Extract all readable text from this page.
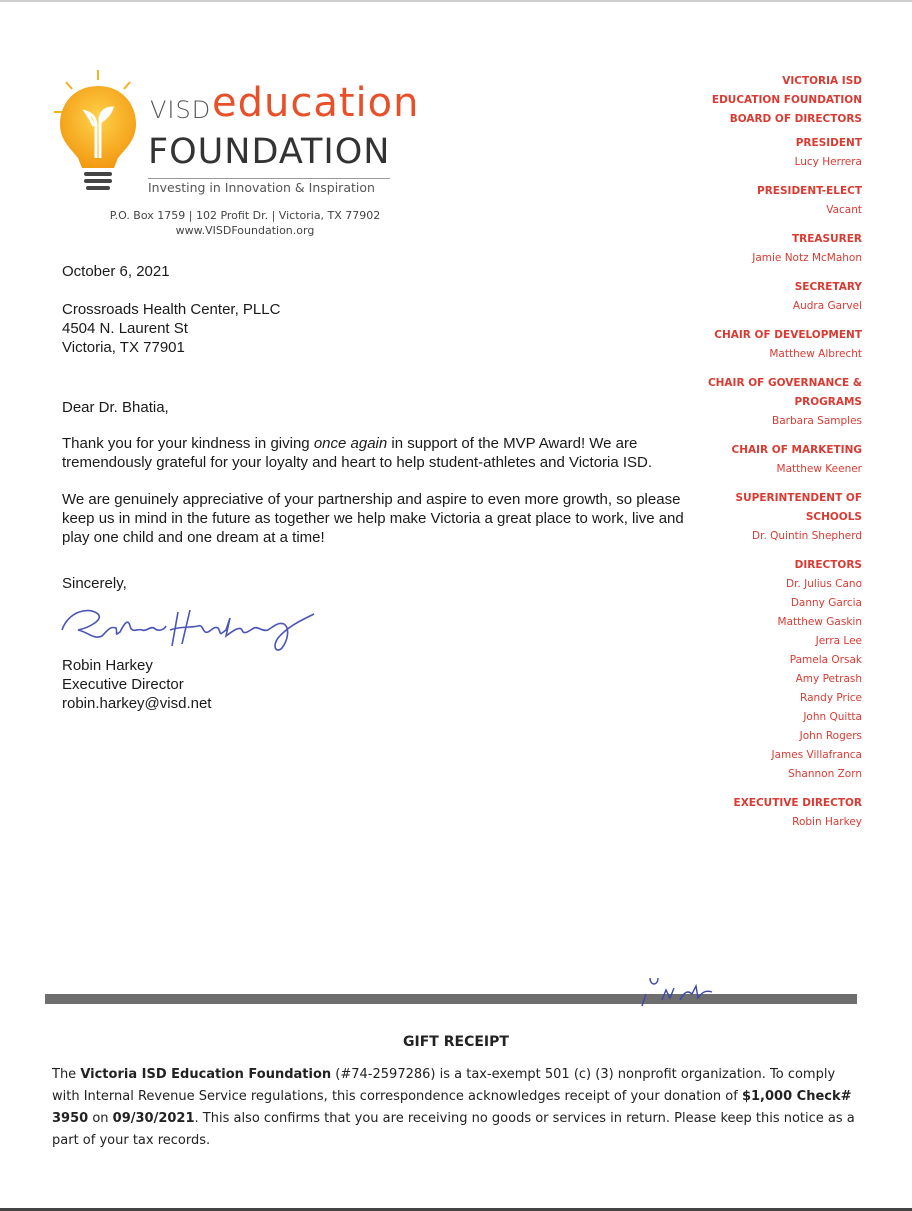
VISD education
FOUNDATION
Investing in Innovation & Inspiration
P.O. Box 1759 | 102 Profit Dr. | Victoria, TX 77902
www.VISDFoundation.org
October 6, 2021
Crossroads Health Center, PLLC
4504 N. Laurent St
Victoria, TX 77901
Dear Dr. Bhatia,
Thank you for your kindness in giving once again in support of the MVP Award! We are tremendously grateful for your loyalty and heart to help student-athletes and Victoria ISD.
We are genuinely appreciative of your partnership and aspire to even more growth, so please keep us in mind in the future as together we help make Victoria a great place to work, live and play one child and one dream at a time!
Sincerely,
Robin Harkey
Executive Director
robin.harkey@visd.net
VICTORIA ISD
EDUCATION FOUNDATION
BOARD OF DIRECTORS
PRESIDENT
Lucy Herrera
PRESIDENT-ELECT
Vacant
TREASURER
Jamie Notz McMahon
SECRETARY
Audra Garvel
CHAIR OF DEVELOPMENT
Matthew Albrecht
CHAIR OF GOVERNANCE &
PROGRAMS
Barbara Samples
CHAIR OF MARKETING
Matthew Keener
SUPERINTENDENT OF
SCHOOLS
Dr. Quintin Shepherd
DIRECTORS
Dr. Julius Cano
Danny Garcia
Matthew Gaskin
Jerra Lee
Pamela Orsak
Amy Petrash
Randy Price
John Quitta
John Rogers
James Villafranca
Shannon Zorn
EXECUTIVE DIRECTOR
Robin Harkey
GIFT RECEIPT
The Victoria ISD Education Foundation (#74-2597286) is a tax-exempt 501 (c) (3) nonprofit organization. To comply with Internal Revenue Service regulations, this correspondence acknowledges receipt of your donation of $1,000 Check# 3950 on 09/30/2021. This also confirms that you are receiving no goods or services in return. Please keep this notice as a part of your tax records.
